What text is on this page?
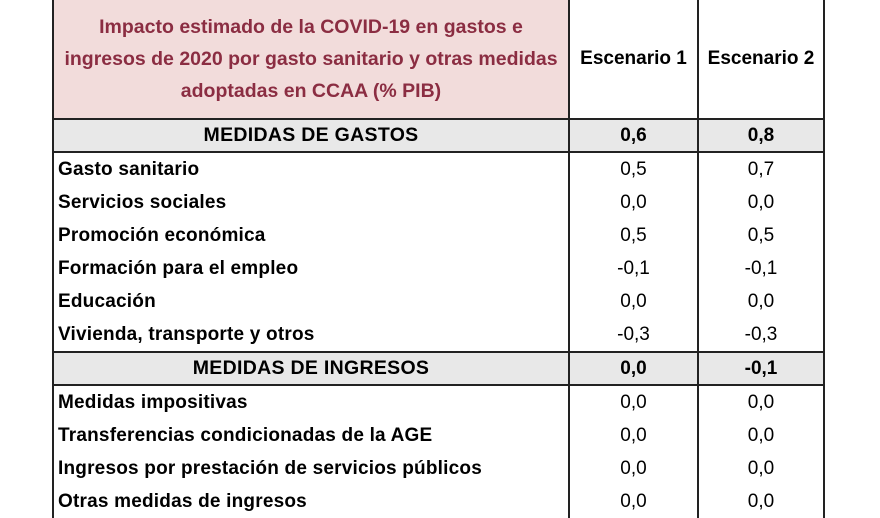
Impacto estimado de la COVID-19 en gastos e ingresos de 2020 por gasto sanitario y otras medidas adoptadas en CCAA (% PIB)	Escenario 1	Escenario 2
MEDIDAS DE GASTOS	0,6	0,8
Gasto sanitario	0,5	0,7
Servicios sociales	0,0	0,0
Promoción económica	0,5	0,5
Formación para el empleo	-0,1	-0,1
Educación	0,0	0,0
Vivienda, transporte y otros	-0,3	-0,3
MEDIDAS DE INGRESOS	0,0	-0,1
Medidas impositivas	0,0	0,0
Transferencias condicionadas de la AGE	0,0	0,0
Ingresos por prestación de servicios públicos	0,0	0,0
Otras medidas de ingresos	0,0	0,0
